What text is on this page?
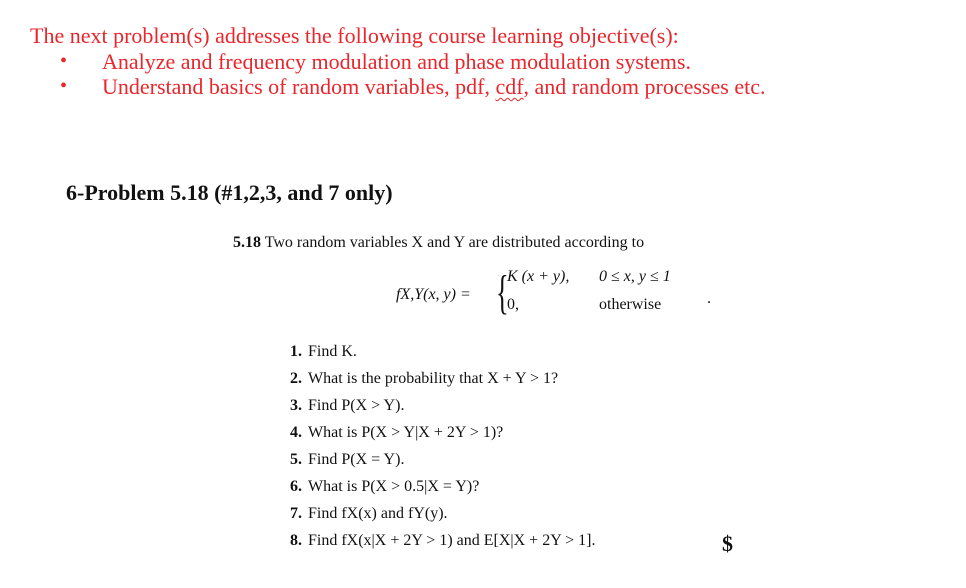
The next problem(s) addresses the following course learning objective(s):
• Analyze and frequency modulation and phase modulation systems.
• Understand basics of random variables, pdf, cdf, and random processes etc.
6-Problem 5.18 (#1,2,3, and 7 only)
5.18 Two random variables X and Y are distributed according to
fX,Y(x, y) = {
K (x + y), 0 ≤ x, y ≤ 1
0,	otherwise	.
1. Find K.
2. What is the probability that X + Y > 1?
3. Find P(X > Y).
4. What is P(X > Y|X + 2Y > 1)?
5. Find P(X = Y).
6. What is P(X > 0.5|X = Y)?
7. Find fX(x) and fY(y).
8. Find fX(x|X + 2Y > 1) and E[X|X + 2Y > 1].	$
